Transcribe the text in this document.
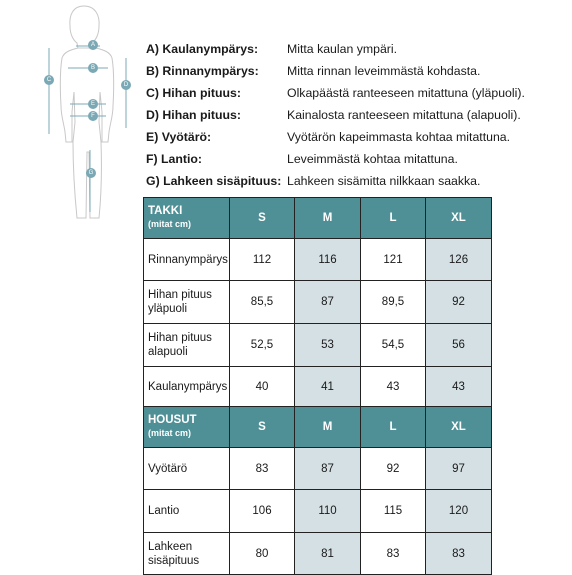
A
B
C
D
E
F
G
A) Kaulanympärys: Mitta kaulan ympäri.
B) Rinnanympärys: Mitta rinnan leveimmästä kohdasta.
C) Hihan pituus:	Olkapäästä ranteeseen mitattuna (yläpuoli).
D) Hihan pituus:	Kainalosta ranteeseen mitattuna (alapuoli).
E) Vyötärö:	Vyötärön kapeimmasta kohtaa mitattuna.
F) Lantio:	Leveimmästä kohtaa mitattuna.
G) Lahkeen sisäpituus: Lahkeen sisämitta nilkkaan saakka.
TAKKI
(mitat cm)	S	M	L	XL
Rinnanympärys	112	116	121	126
Hihan pituus yläpuoli	85,5	87	89,5	92
Hihan pituus alapuoli	52,5	53	54,5	56
Kaulanympärys	40	41	43	43

HOUSUT
(mitat cm)	S	M	L	XL
Vyötärö	83	87	92	97
Lantio	106	110	115	120
Lahkeen sisäpituus	80	81	83	83
